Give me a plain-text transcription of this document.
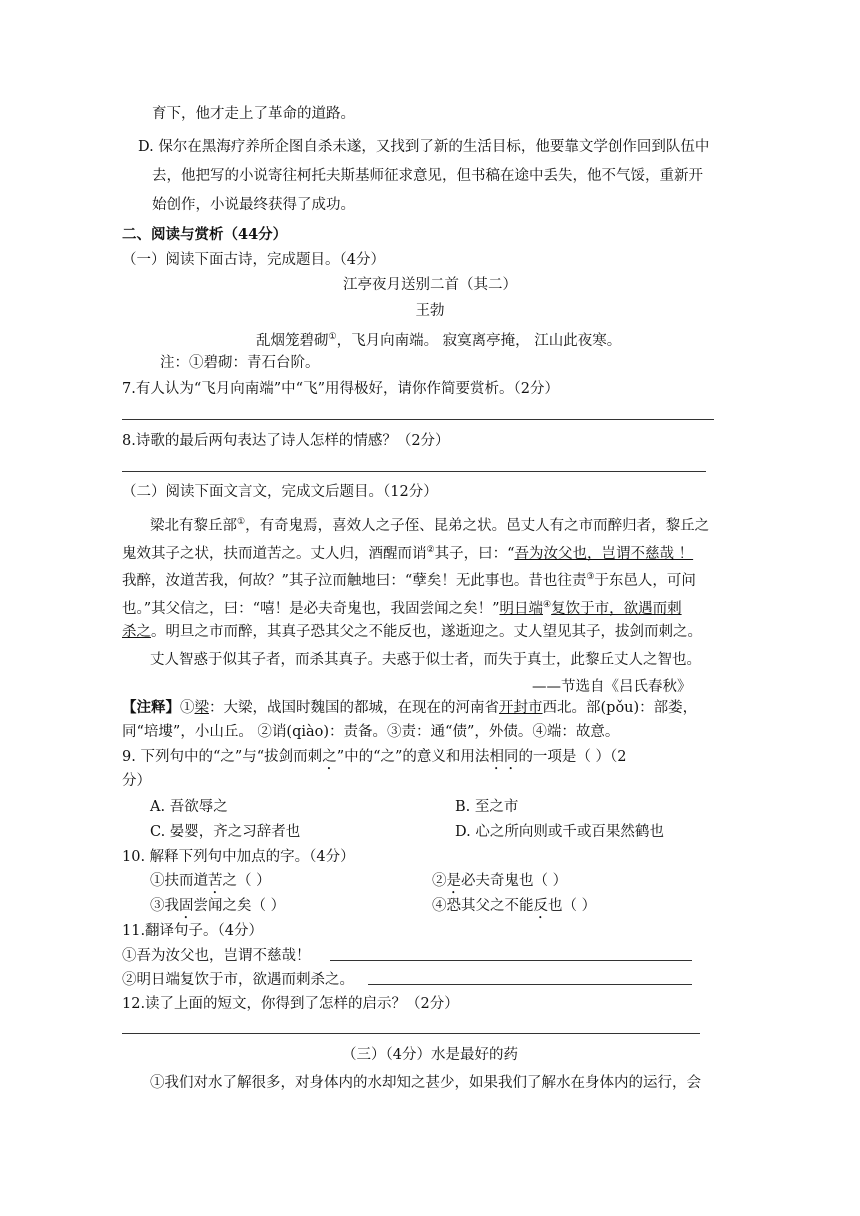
育下，他才走上了革命的道路。
D. 保尔在黑海疗养所企图自杀未遂，又找到了新的生活目标，他要靠文学创作回到队伍中
去，他把写的小说寄往柯托夫斯基师征求意见，但书稿在途中丢失，他不气馁，重新开
始创作，小说最终获得了成功。
二、阅读与赏析（44分）
（一）阅读下面古诗，完成题目。（4分）
江亭夜月送别二首（其二）
王勃
乱烟笼碧砌①，飞月向南端。 寂寞离亭掩， 江山此夜寒。
注：①碧砌：青石台阶。
7.有人认为“飞月向南端”中“飞”用得极好，请你作简要赏析。（2分）
8.诗歌的最后两句表达了诗人怎样的情感？（2分）
（二）阅读下面文言文，完成文后题目。（12分）
梁北有黎丘部①，有奇鬼焉，喜效人之子侄、昆弟之状。邑丈人有之市而醉归者，黎丘之
鬼效其子之状，扶而道苦之。丈人归，酒醒而诮②其子，曰：“吾为汝父也，岂谓不慈哉 ！
我醉，汝道苦我，何故？”其子泣而触地曰：“孽矣！无此事也。昔也往责③于东邑人，可问
也。”其父信之，曰：“嘻！是必夫奇鬼也，我固尝闻之矣！”明日端④复饮于市，欲遇而刺
杀之。明旦之市而醉，其真子恐其父之不能反也，遂逝迎之。丈人望见其子，拔剑而刺之。
丈人智惑于似其子者，而杀其真子。夫惑于似士者，而失于真士，此黎丘丈人之智也。
——节选自《吕氏春秋》
【注释】①梁：大梁，战国时魏国的都城，在现在的河南省开封市西北。部(pǒu)：部娄，
同“培塿”，小山丘。 ②诮(qiào)：责备。③责：通“债”，外债。④端：故意。
9. 下列句中的“之”与“拔剑而刺之”中的“之”的意义和用法相同的一项是（ ）（2
分）
A. 吾欲辱之	B. 至之市
C. 晏婴，齐之习辞者也	D. 心之所向则或千或百果然鹤也
10. 解释下列句中加点的字。（4分）
①扶而道苦之（ ）	②是必夫奇鬼也（ ）
③我固尝闻之矣（ ）	④恐其父之不能反也（ ）
11.翻译句子。（4分）
①吾为汝父也，岂谓不慈哉！
②明日端复饮于市，欲遇而刺杀之。
12.读了上面的短文，你得到了怎样的启示？（2分）
（三）（4分）水是最好的药
①我们对水了解很多，对身体内的水却知之甚少，如果我们了解水在身体内的运行，会
